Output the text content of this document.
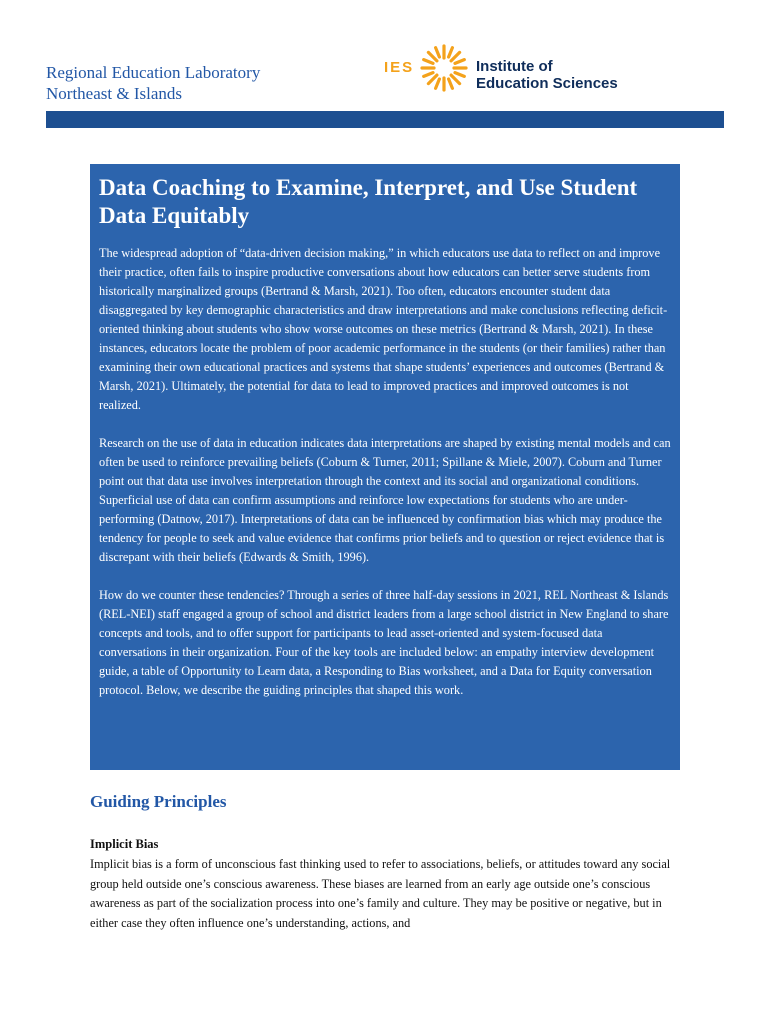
Regional Education Laboratory
Northeast & Islands
IES	Institute of
Education Sciences
Data Coaching to Examine, Interpret, and Use Student Data Equitably

The widespread adoption of “data-driven decision making,” in which educators use data to reflect on and improve their practice, often fails to inspire productive conversations about how educators can better serve students from historically marginalized groups (Bertrand & Marsh, 2021). Too often, educators encounter student data disaggregated by key demographic characteristics and draw interpretations and make conclusions reflecting deficit-oriented thinking about students who show worse outcomes on these metrics (Bertrand & Marsh, 2021). In these instances, educators locate the problem of poor academic performance in the students (or their families) rather than examining their own educational practices and systems that shape students’ experiences and outcomes (Bertrand & Marsh, 2021). Ultimately, the potential for data to lead to improved practices and improved outcomes is not realized.

Research on the use of data in education indicates data interpretations are shaped by existing mental models and can often be used to reinforce prevailing beliefs (Coburn & Turner, 2011; Spillane & Miele, 2007). Coburn and Turner point out that data use involves interpretation through the context and its social and organizational conditions. Superficial use of data can confirm assumptions and reinforce low expectations for students who are under-performing (Datnow, 2017). Interpretations of data can be influenced by confirmation bias which may produce the tendency for people to seek and value evidence that confirms prior beliefs and to question or reject evidence that is discrepant with their beliefs (Edwards & Smith, 1996).

How do we counter these tendencies? Through a series of three half-day sessions in 2021, REL Northeast & Islands (REL-NEI) staff engaged a group of school and district leaders from a large school district in New England to share concepts and tools, and to offer support for participants to lead asset-oriented and system-focused data conversations in their organization. Four of the key tools are included below: an empathy interview development guide, a table of Opportunity to Learn data, a Responding to Bias worksheet, and a Data for Equity conversation protocol. Below, we describe the guiding principles that shaped this work.

Guiding Principles
Implicit Bias
Implicit bias is a form of unconscious fast thinking used to refer to associations, beliefs, or attitudes toward any social group held outside one’s conscious awareness. These biases are learned from an early age outside one’s conscious awareness as part of the socialization process into one’s family and culture. They may be positive or negative, but in either case they often influence one’s understanding, actions, and
